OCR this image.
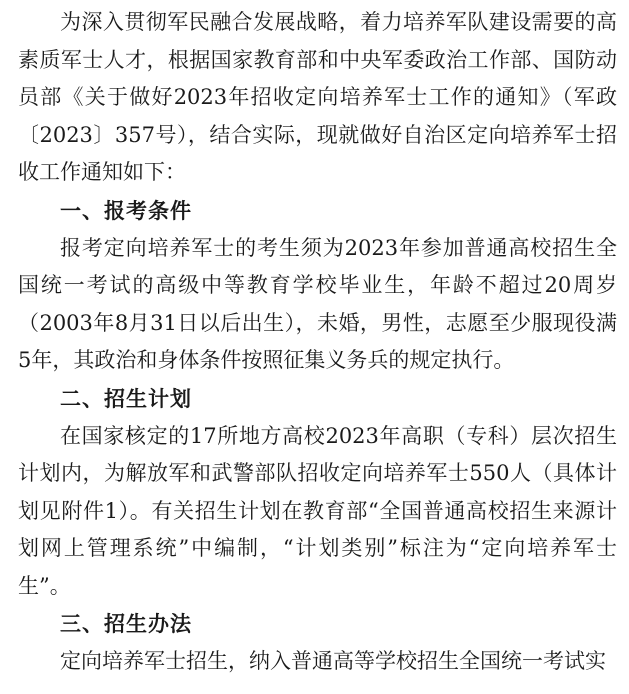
为深入贯彻军民融合发展战略，着力培养军队建设需要的高素质军士人才，根据国家教育部和中央军委政治工作部、国防动员部《关于做好2023年招收定向培养军士工作的通知》（军政〔2023〕357号），结合实际，现就做好自治区定向培养军士招收工作通知如下：

一、报考条件

报考定向培养军士的考生须为2023年参加普通高校招生全国统一考试的高级中等教育学校毕业生，年龄不超过20周岁（2003年8月31日以后出生），未婚，男性，志愿至少服现役满5年，其政治和身体条件按照征集义务兵的规定执行。

二、招生计划

在国家核定的17所地方高校2023年高职（专科）层次招生计划内，为解放军和武警部队招收定向培养军士550人（具体计划见附件1）。有关招生计划在教育部“全国普通高校招生来源计划网上管理系统”中编制，“计划类别”标注为“定向培养军士生”。

三、招生办法

定向培养军士招生，纳入普通高等学校招生全国统一考试实
